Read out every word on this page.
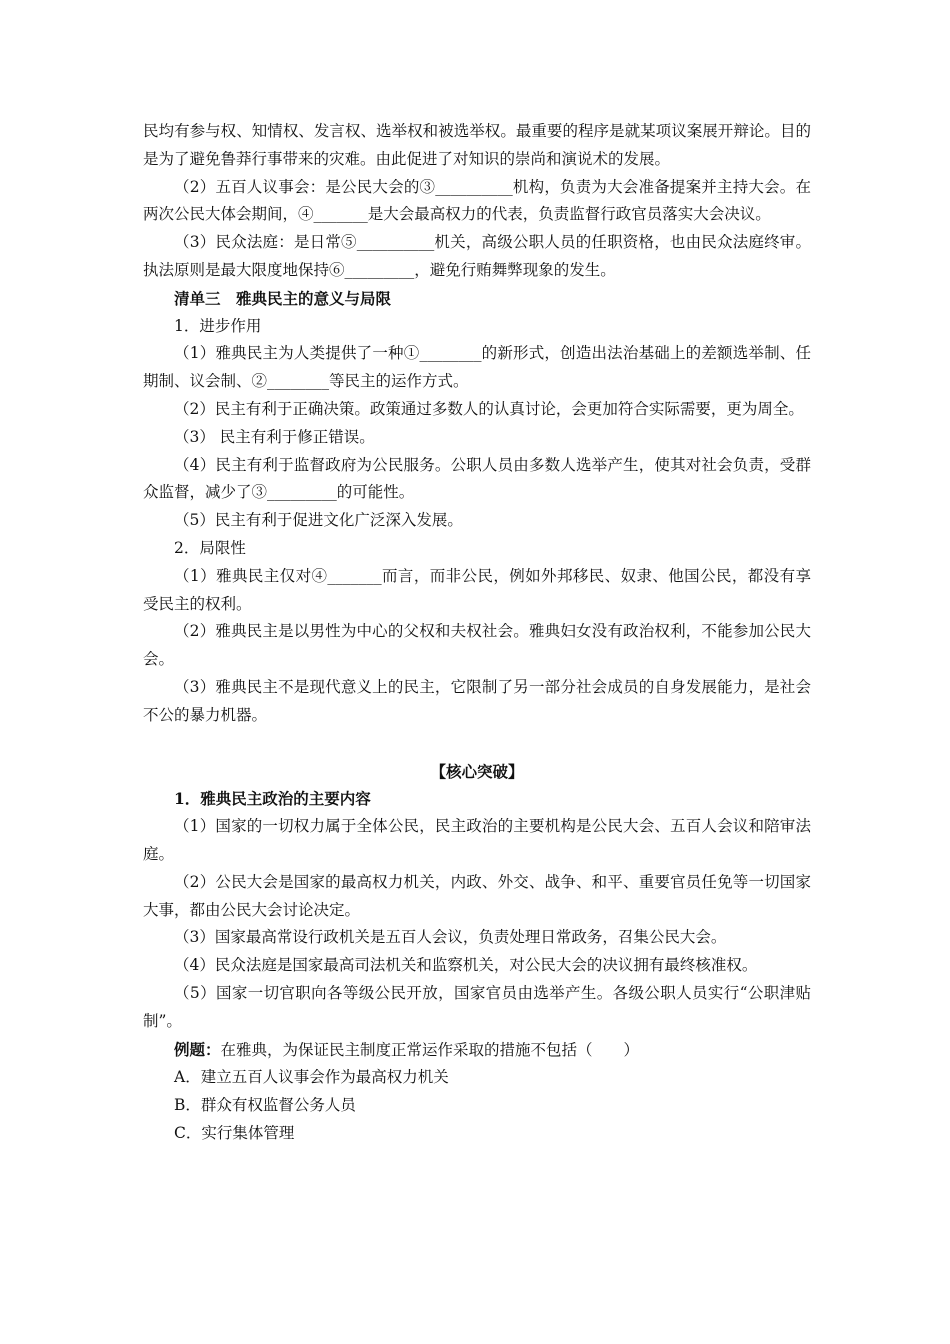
民均有参与权、知情权、发言权、选举权和被选举权。最重要的程序是就某项议案展开辩论。目的是为了避免鲁莽行事带来的灾难。由此促进了对知识的崇尚和演说术的发展。

（2）五百人议事会：是公民大会的③__________机构，负责为大会准备提案并主持大会。在两次公民大体会期间，④_______是大会最高权力的代表，负责监督行政官员落实大会决议。

（3）民众法庭：是日常⑤__________机关，高级公职人员的任职资格，也由民众法庭终审。执法原则是最大限度地保持⑥_________，避免行贿舞弊现象的发生。

清单三　雅典民主的意义与局限

1．进步作用

（1）雅典民主为人类提供了一种①________的新形式，创造出法治基础上的差额选举制、任期制、议会制、②________等民主的运作方式。

（2）民主有利于正确决策。政策通过多数人的认真讨论，会更加符合实际需要，更为周全。

（3） 民主有利于修正错误。

（4）民主有利于监督政府为公民服务。公职人员由多数人选举产生，使其对社会负责，受群众监督，减少了③_________的可能性。

（5）民主有利于促进文化广泛深入发展。

2．局限性

（1）雅典民主仅对④_______而言，而非公民，例如外邦移民、奴隶、他国公民，都没有享受民主的权利。

（2）雅典民主是以男性为中心的父权和夫权社会。雅典妇女没有政治权利，不能参加公民大会。

（3）雅典民主不是现代意义上的民主，它限制了另一部分社会成员的自身发展能力，是社会不公的暴力机器。

【核心突破】

1．雅典民主政治的主要内容

（1）国家的一切权力属于全体公民，民主政治的主要机构是公民大会、五百人会议和陪审法庭。

（2）公民大会是国家的最高权力机关，内政、外交、战争、和平、重要官员任免等一切国家大事，都由公民大会讨论决定。

（3）国家最高常设行政机关是五百人会议，负责处理日常政务，召集公民大会。

（4）民众法庭是国家最高司法机关和监察机关，对公民大会的决议拥有最终核准权。

（5）国家一切官职向各等级公民开放，国家官员由选举产生。各级公职人员实行“公职津贴制”。

例题：在雅典，为保证民主制度正常运作采取的措施不包括（　　）

A．建立五百人议事会作为最高权力机关

B．群众有权监督公务人员

C．实行集体管理
